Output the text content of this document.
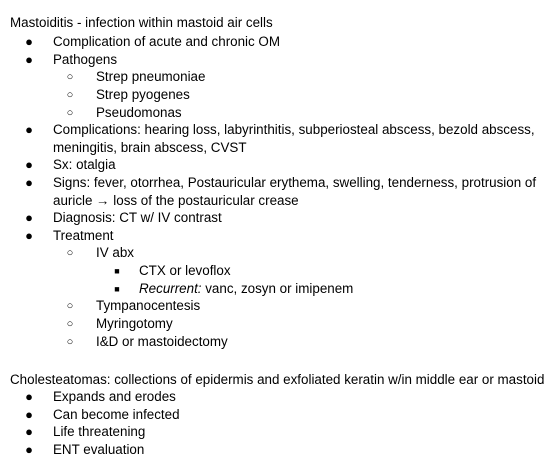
Mastoiditis - infection within mastoid air cells
● Complication of acute and chronic OM
● Pathogens
○ Strep pneumoniae
○ Strep pyogenes
○ Pseudomonas
● Complications: hearing loss, labyrinthitis, subperiosteal abscess, bezold abscess,
meningitis, brain abscess, CVST
● Sx: otalgia
● Signs: fever, otorrhea, Postauricular erythema, swelling, tenderness, protrusion of
auricle → loss of the postauricular crease
● Diagnosis: CT w/ IV contrast
● Treatment
○ IV abx
■ CTX or levoflox
■ Recurrent: vanc, zosyn or imipenem
○ Tympanocentesis
○ Myringotomy
○ I&D or mastoidectomy
Cholesteatomas: collections of epidermis and exfoliated keratin w/in middle ear or mastoid
● Expands and erodes
● Can become infected
● Life threatening
● ENT evaluation
